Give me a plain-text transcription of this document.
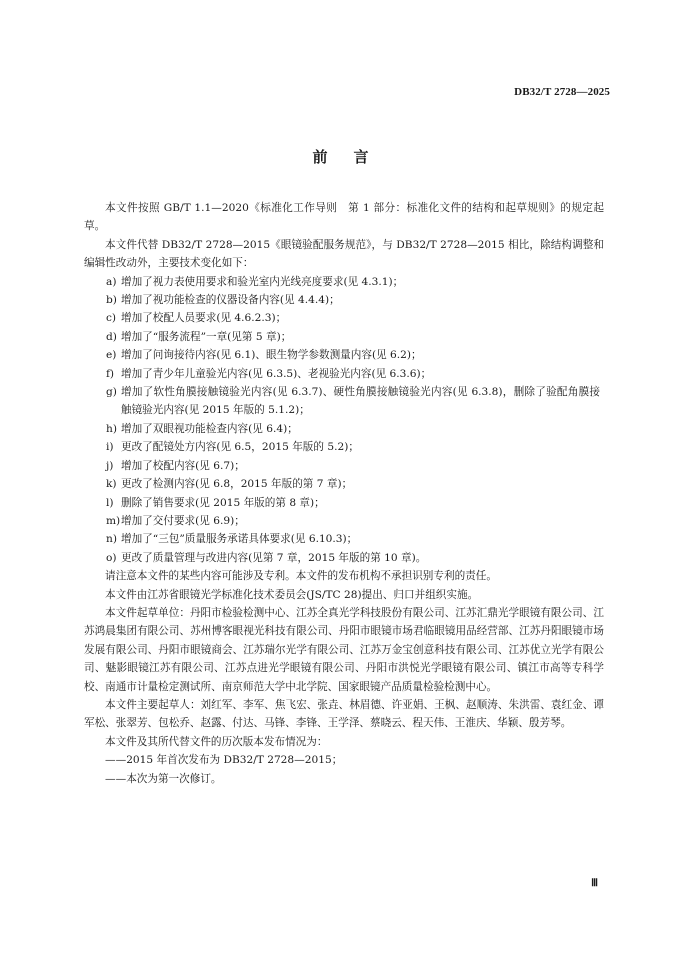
DB32/T 2728—2025
前 言

本文件按照 GB/T 1.1—2020《标准化工作导则　第 1 部分：标准化文件的结构和起草规则》的规定起草。

本文件代替 DB32/T 2728—2015《眼镜验配服务规范》，与 DB32/T 2728—2015 相比，除结构调整和编辑性改动外，主要技术变化如下：

a) 增加了视力表使用要求和验光室内光线亮度要求(见 4.3.1)；
b) 增加了视功能检查的仪器设备内容(见 4.4.4)；
c) 增加了校配人员要求(见 4.6.2.3)；
d) 增加了“服务流程”一章(见第 5 章)；
e) 增加了问询接待内容(见 6.1)、眼生物学参数测量内容(见 6.2)；
f) 增加了青少年儿童验光内容(见 6.3.5)、老视验光内容(见 6.3.6)；
g) 增加了软性角膜接触镜验光内容(见 6.3.7)、硬性角膜接触镜验光内容(见 6.3.8)，删除了验配角膜接触镜验光内容(见 2015 年版的 5.1.2)；
h) 增加了双眼视功能检查内容(见 6.4)；
i) 更改了配镜处方内容(见 6.5，2015 年版的 5.2)；
j) 增加了校配内容(见 6.7)；
k) 更改了检测内容(见 6.8，2015 年版的第 7 章)；
l) 删除了销售要求(见 2015 年版的第 8 章)；
m) 增加了交付要求(见 6.9)；
n) 增加了“三包”质量服务承诺具体要求(见 6.10.3)；
o) 更改了质量管理与改进内容(见第 7 章，2015 年版的第 10 章)。

请注意本文件的某些内容可能涉及专利。本文件的发布机构不承担识别专利的责任。

本文件由江苏省眼镜光学标准化技术委员会(JS/TC 28)提出、归口并组织实施。

本文件起草单位：丹阳市检验检测中心、江苏全真光学科技股份有限公司、江苏汇鼎光学眼镜有限公司、江苏鸿晨集团有限公司、苏州博客眼视光科技有限公司、丹阳市眼镜市场君临眼镜用品经营部、江苏丹阳眼镜市场发展有限公司、丹阳市眼镜商会、江苏瑞尔光学有限公司、江苏万金宝创意科技有限公司、江苏优立光学有限公司、魅影眼镜江苏有限公司、江苏点进光学眼镜有限公司、丹阳市洪悦光学眼镜有限公司、镇江市高等专科学校、南通市计量检定测试所、南京师范大学中北学院、国家眼镜产品质量检验检测中心。

本文件主要起草人：刘红军、李军、焦飞宏、张垚、林眉德、许亚娟、王枫、赵顺涛、朱洪雷、袁红金、谭军松、张翠芳、包松乔、赵露、付达、马锋、李锋、王学泽、蔡晓云、程天伟、王淮庆、华颖、殷芳琴。

本文件及其所代替文件的历次版本发布情况为：

——2015 年首次发布为 DB32/T 2728—2015；
——本次为第一次修订。
Ⅲ
